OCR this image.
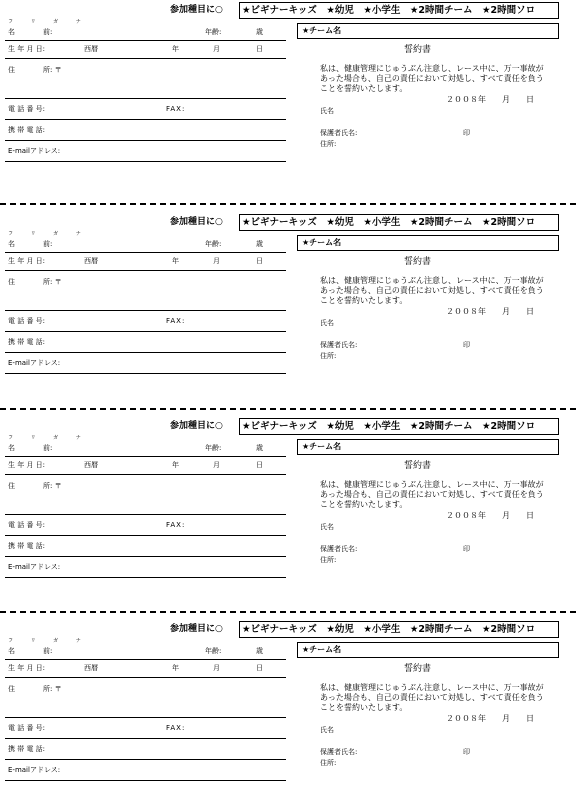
参加種目に○ ★ビギナーキッズ　★幼児　★小学生　★2時間チーム　★2時間ソロ
フ リ ガ ナ
名　　　　前:	年齢:	歳
生 年 月 日:	西暦	年	月	日
住　　　　所: 〒
電 話 番 号:	FAX:
携 帯 電 話:
E-mailアドレス:
★チーム名
誓約書
私は、健康管理にじゅうぶん注意し、レース中に、万一事故があった場合も、自己の責任において対処し、すべて責任を負うことを誓約いたします。
２００８年　　月　　日
氏名
保護者氏名:	印
住所:
参加種目に○ ★ビギナーキッズ　★幼児　★小学生　★2時間チーム　★2時間ソロ
フ リ ガ ナ
名　　　　前:	年齢:	歳
生 年 月 日:	西暦	年	月	日
住　　　　所: 〒
電 話 番 号:	FAX:
携 帯 電 話:
E-mailアドレス:
★チーム名
誓約書
私は、健康管理にじゅうぶん注意し、レース中に、万一事故があった場合も、自己の責任において対処し、すべて責任を負うことを誓約いたします。
２００８年　　月　　日
氏名
保護者氏名:	印
住所:
参加種目に○ ★ビギナーキッズ　★幼児　★小学生　★2時間チーム　★2時間ソロ
フ リ ガ ナ
名　　　　前:	年齢:	歳
生 年 月 日:	西暦	年	月	日
住　　　　所: 〒
電 話 番 号:	FAX:
携 帯 電 話:
E-mailアドレス:
★チーム名
誓約書
私は、健康管理にじゅうぶん注意し、レース中に、万一事故があった場合も、自己の責任において対処し、すべて責任を負うことを誓約いたします。
２００８年　　月　　日
氏名
保護者氏名:	印
住所:
参加種目に○ ★ビギナーキッズ　★幼児　★小学生　★2時間チーム　★2時間ソロ
フ リ ガ ナ
名　　　　前:	年齢:	歳
生 年 月 日:	西暦	年	月	日
住　　　　所: 〒
電 話 番 号:	FAX:
携 帯 電 話:
E-mailアドレス:
★チーム名
誓約書
私は、健康管理にじゅうぶん注意し、レース中に、万一事故があった場合も、自己の責任において対処し、すべて責任を負うことを誓約いたします。
２００８年　　月　　日
氏名
保護者氏名:	印
住所:
